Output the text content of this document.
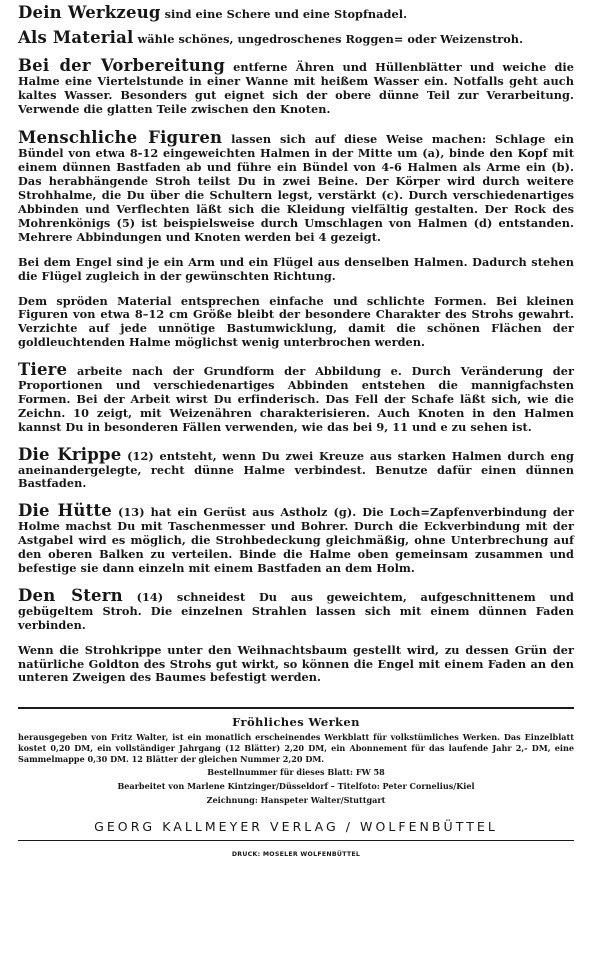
Dein Werkzeug sind eine Schere und eine Stopfnadel.

Als Material wähle schönes, ungedroschenes Roggen= oder Weizenstroh.

Bei der Vorbereitung entferne Ähren und Hüllenblätter und weiche die Halme eine Viertelstunde in einer Wanne mit heißem Wasser ein. Notfalls geht auch kaltes Wasser. Besonders gut eignet sich der obere dünne Teil zur Verarbeitung. Verwende die glatten Teile zwischen den Knoten.

Menschliche Figuren lassen sich auf diese Weise machen: Schlage ein Bündel von etwa 8-12 eingeweichten Halmen in der Mitte um (a), binde den Kopf mit einem dünnen Bastfaden ab und führe ein Bündel von 4-6 Halmen als Arme ein (b). Das herabhängende Stroh teilst Du in zwei Beine. Der Körper wird durch weitere Strohhalme, die Du über die Schultern legst, verstärkt (c). Durch verschiedenartiges Abbinden und Verflechten läßt sich die Kleidung vielfältig gestalten. Der Rock des Mohrenkönigs (5) ist beispielsweise durch Umschlagen von Halmen (d) entstanden. Mehrere Abbindungen und Knoten werden bei 4 gezeigt.

Bei dem Engel sind je ein Arm und ein Flügel aus denselben Halmen. Dadurch stehen die Flügel zugleich in der gewünschten Richtung.

Dem spröden Material entsprechen einfache und schlichte Formen. Bei kleinen Figuren von etwa 8–12 cm Größe bleibt der besondere Charakter des Strohs gewahrt. Verzichte auf jede unnötige Bastumwicklung, damit die schönen Flächen der goldleuchtenden Halme möglichst wenig unterbrochen werden.

Tiere arbeite nach der Grundform der Abbildung e. Durch Veränderung der Proportionen und verschiedenartiges Abbinden entstehen die mannigfachsten Formen. Bei der Arbeit wirst Du erfinderisch. Das Fell der Schafe läßt sich, wie die Zeichn. 10 zeigt, mit Weizenähren charakterisieren. Auch Knoten in den Halmen kannst Du in besonderen Fällen verwenden, wie das bei 9, 11 und e zu sehen ist.

Die Krippe (12) entsteht, wenn Du zwei Kreuze aus starken Halmen durch eng aneinandergelegte, recht dünne Halme verbindest. Benutze dafür einen dünnen Bastfaden.

Die Hütte (13) hat ein Gerüst aus Astholz (g). Die Loch=Zapfenverbindung der Holme machst Du mit Taschenmesser und Bohrer. Durch die Eckverbindung mit der Astgabel wird es möglich, die Strohbedeckung gleichmäßig, ohne Unterbrechung auf den oberen Balken zu verteilen. Binde die Halme oben gemeinsam zusammen und befestige sie dann einzeln mit einem Bastfaden an dem Holm.

Den Stern (14) schneidest Du aus geweichtem, aufgeschnittenem und gebügeltem Stroh. Die einzelnen Strahlen lassen sich mit einem dünnen Faden verbinden.

Wenn die Strohkrippe unter den Weihnachtsbaum gestellt wird, zu dessen Grün der natürliche Goldton des Strohs gut wirkt, so können die Engel mit einem Faden an den unteren Zweigen des Baumes befestigt werden.

Fröhliches Werken

herausgegeben von Fritz Walter, ist ein monatlich erscheinendes Werkblatt für volkstümliches Werken. Das Einzelblatt kostet 0,20 DM, ein vollständiger Jahrgang (12 Blätter) 2,20 DM, ein Abonnement für das laufende Jahr 2,- DM, eine Sammelmappe 0,30 DM. 12 Blätter der gleichen Nummer 2,20 DM.

Bestellnummer für dieses Blatt: FW 58

Bearbeitet von Marlene Kintzinger/Düsseldorf – Titelfoto: Peter Cornelius/Kiel

Zeichnung: Hanspeter Walter/Stuttgart

GEORG KALLMEYER VERLAG / WOLFENBÜTTEL
DRUCK: MOSELER WOLFENBÜTTEL
